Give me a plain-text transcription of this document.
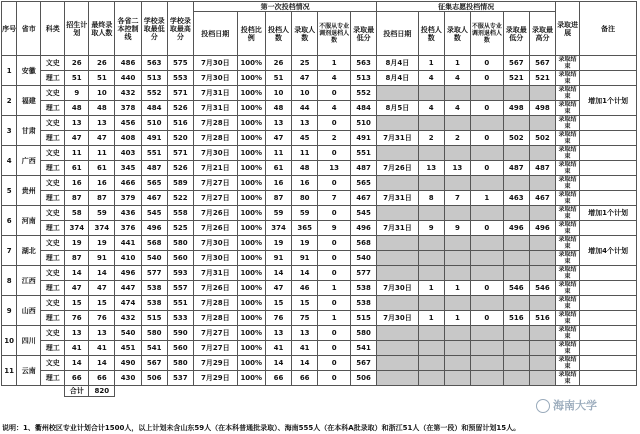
序号	省市	科类	招生计划	最终录取人数	各省二本控制线	学校录取最低分	学校录取最高分	第一次投档情况						征集志愿投档情况						录取进展	备注
								投档日期	投档比例	投档人数	录取人数	不服从专业调剂退档人数	录取最低分	投档日期	投档人数	录取人数	不服从专业调剂退档人数	录取最低分	录取最高分		
1	安徽	文史	26	26	486	563	575	7月30日	100%	26	25	1	563	8月4日	1	1	0	567	567	录取结束	
		理工	51	51	440	513	553	7月30日	100%	51	47	4	513	8月4日	4	4	0	521	521	录取结束	
2	福建	文史	9	10	432	552	571	7月31日	100%	10	10	0	552							录取结束	增加1个计划
		理工	48	48	378	484	526	7月31日	100%	48	44	4	484	8月5日	4	4	0	498	498	录取结束	
3	甘肃	文史	13	13	456	510	516	7月28日	100%	13	13	0	510							录取结束	
		理工	47	47	408	491	520	7月28日	100%	47	45	2	491	7月31日	2	2	0	502	502	录取结束	
4	广西	文史	11	11	403	551	571	7月30日	100%	11	11	0	551							录取结束	
		理工	61	61	345	487	526	7月21日	100%	61	48	13	487	7月26日	13	13	0	487	487	录取结束	
5	贵州	文史	16	16	466	565	589	7月27日	100%	16	16	0	565							录取结束	
		理工	87	87	379	467	522	7月27日	100%	87	80	7	467	7月31日	8	7	1	463	467	录取结束	
6	河南	文史	58	59	436	545	558	7月26日	100%	59	59	0	545							录取结束	增加1个计划
		理工	374	374	376	496	525	7月26日	100%	374	365	9	496	7月31日	9	9	0	496	496	录取结束	
7	湖北	文史	19	19	441	568	580	7月30日	100%	19	19	0	568							录取结束	增加4个计划
		理工	87	91	410	540	560	7月30日	100%	91	91	0	540							录取结束	
8	江西	文史	14	14	496	577	593	7月31日	100%	14	14	0	577							录取结束	
		理工	47	47	447	538	557	7月26日	100%	47	46	1	538	7月30日	1	1	0	546	546	录取结束	
9	山西	文史	15	15	474	538	551	7月28日	100%	15	15	0	538							录取结束	
		理工	76	76	432	515	533	7月28日	100%	76	75	1	515	7月30日	1	1	0	516	516	录取结束	
10	四川	文史	13	13	540	580	590	7月27日	100%	13	13	0	580							录取结束	
		理工	41	41	451	541	560	7月27日	100%	41	41	0	541							录取结束	
11	云南	文史	14	14	490	567	580	7月29日	100%	14	14	0	567							录取结束	
		理工	66	66	430	506	537	7月29日	100%	66	66	0	506							录取结束	
			合计	820																	
海南大学
说明：1、衢州校区专业计划合计1500人，以上计划未含山东59人（在本科普通批录取）、海南555人（在本科A批录取）和浙江51人（在第一段）和预留计划15人。
